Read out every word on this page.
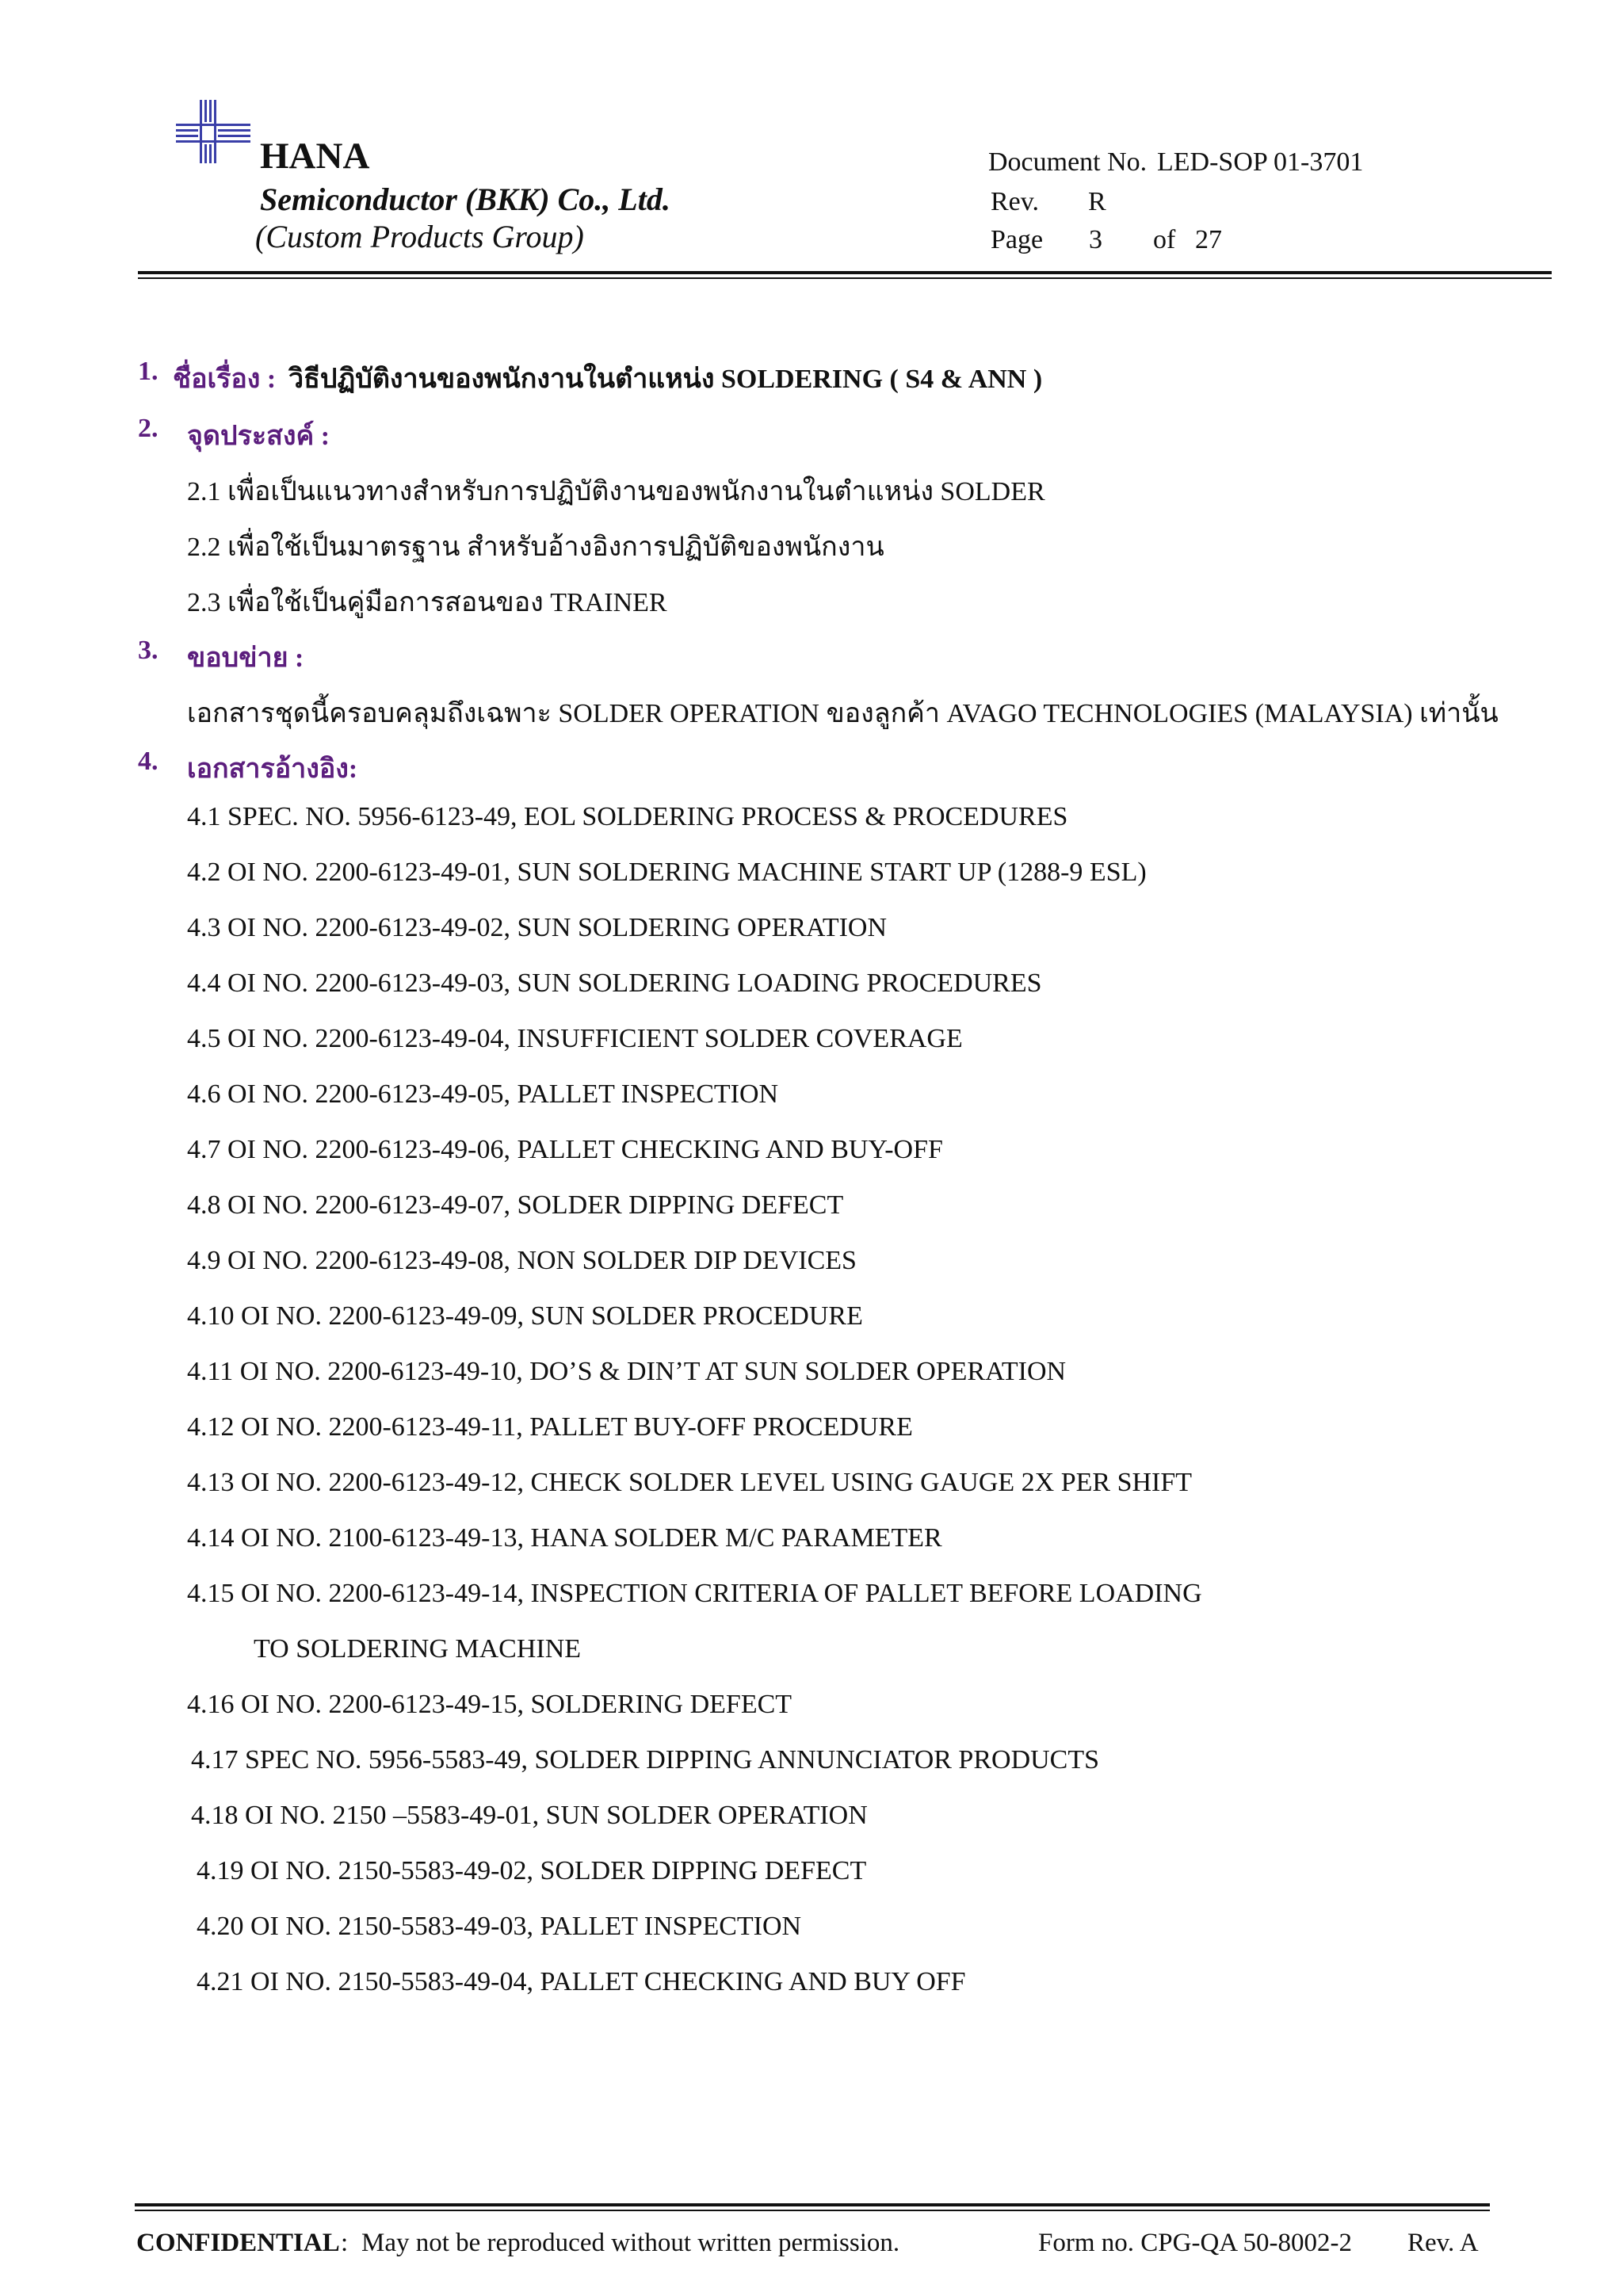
HANA
Semiconductor (BKK) Co., Ltd.
(Custom Products Group)
Document No. LED-SOP 01-3701
Rev. R
Page 3 of 27
1. ชื่อเรื่อง : วิธีปฏิบัติงานของพนักงานในตำแหน่ง SOLDERING ( S4 & ANN )
2. จุดประสงค์ :
2.1 เพื่อเป็นแนวทางสำหรับการปฏิบัติงานของพนักงานในตำแหน่ง SOLDER
2.2 เพื่อใช้เป็นมาตรฐาน สำหรับอ้างอิงการปฏิบัติของพนักงาน
2.3 เพื่อใช้เป็นคู่มือการสอนของ TRAINER
3. ขอบข่าย :
เอกสารชุดนี้ครอบคลุมถึงเฉพาะ SOLDER OPERATION ของลูกค้า AVAGO TECHNOLOGIES (MALAYSIA) เท่านั้น
4. เอกสารอ้างอิง:
4.1 SPEC. NO. 5956-6123-49, EOL SOLDERING PROCESS & PROCEDURES
4.2 OI NO. 2200-6123-49-01, SUN SOLDERING MACHINE START UP (1288-9 ESL)
4.3 OI NO. 2200-6123-49-02, SUN SOLDERING OPERATION
4.4 OI NO. 2200-6123-49-03, SUN SOLDERING LOADING PROCEDURES
4.5 OI NO. 2200-6123-49-04, INSUFFICIENT SOLDER COVERAGE
4.6 OI NO. 2200-6123-49-05, PALLET INSPECTION
4.7 OI NO. 2200-6123-49-06, PALLET CHECKING AND BUY-OFF
4.8 OI NO. 2200-6123-49-07, SOLDER DIPPING DEFECT
4.9 OI NO. 2200-6123-49-08, NON SOLDER DIP DEVICES
4.10 OI NO. 2200-6123-49-09, SUN SOLDER PROCEDURE
4.11 OI NO. 2200-6123-49-10, DO’S & DIN’T AT SUN SOLDER OPERATION
4.12 OI NO. 2200-6123-49-11, PALLET BUY-OFF PROCEDURE
4.13 OI NO. 2200-6123-49-12, CHECK SOLDER LEVEL USING GAUGE 2X PER SHIFT
4.14 OI NO. 2100-6123-49-13, HANA SOLDER M/C PARAMETER
4.15 OI NO. 2200-6123-49-14, INSPECTION CRITERIA OF PALLET BEFORE LOADING
TO SOLDERING MACHINE
4.16 OI NO. 2200-6123-49-15, SOLDERING DEFECT
4.17 SPEC NO. 5956-5583-49, SOLDER DIPPING ANNUNCIATOR PRODUCTS
4.18 OI NO. 2150 –5583-49-01, SUN SOLDER OPERATION
4.19 OI NO. 2150-5583-49-02, SOLDER DIPPING DEFECT
4.20 OI NO. 2150-5583-49-03, PALLET INSPECTION
4.21 OI NO. 2150-5583-49-04, PALLET CHECKING AND BUY OFF
CONFIDENTIAL : May not be reproduced without written permission.	Form no. CPG-QA 50-8002-2 Rev. A
